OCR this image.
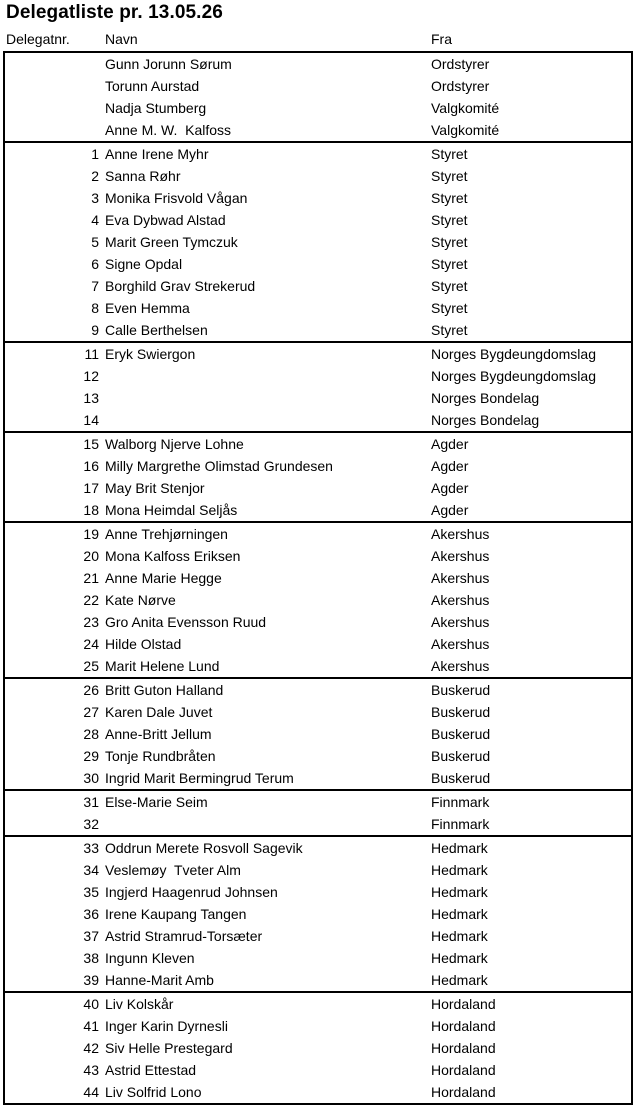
Delegatliste pr. 13.05.26
Delegatnr.	Navn	Fra
Gunn Jorunn Sørum	Ordstyrer
Torunn Aurstad	Ordstyrer
Nadja Stumberg	Valgkomité
Anne M. W.  Kalfoss	Valgkomité
1 Anne Irene Myhr	Styret
2 Sanna Røhr	Styret
3 Monika Frisvold Vågan	Styret
4 Eva Dybwad Alstad	Styret
5 Marit Green Tymczuk	Styret
6 Signe Opdal	Styret
7 Borghild Grav Strekerud	Styret
8 Even Hemma	Styret
9 Calle Berthelsen	Styret
11 Eryk Swiergon	Norges Bygdeungdomslag
12	Norges Bygdeungdomslag
13	Norges Bondelag
14	Norges Bondelag
15 Walborg Njerve Lohne	Agder
16 Milly Margrethe Olimstad Grundesen	Agder
17 May Brit Stenjor	Agder
18 Mona Heimdal Seljås	Agder
19 Anne Trehjørningen	Akershus
20 Mona Kalfoss Eriksen	Akershus
21 Anne Marie Hegge	Akershus
22 Kate Nørve	Akershus
23 Gro Anita Evensson Ruud	Akershus
24 Hilde Olstad	Akershus
25 Marit Helene Lund	Akershus
26 Britt Guton Halland	Buskerud
27 Karen Dale Juvet	Buskerud
28 Anne-Britt Jellum	Buskerud
29 Tonje Rundbråten	Buskerud
30 Ingrid Marit Bermingrud Terum	Buskerud
31 Else-Marie Seim	Finnmark
32	Finnmark
33 Oddrun Merete Rosvoll Sagevik	Hedmark
34 Veslemøy  Tveter Alm	Hedmark
35 Ingjerd Haagenrud Johnsen	Hedmark
36 Irene Kaupang Tangen	Hedmark
37 Astrid Stramrud-Torsæter	Hedmark
38 Ingunn Kleven	Hedmark
39 Hanne-Marit Amb	Hedmark
40 Liv Kolskår	Hordaland
41 Inger Karin Dyrnesli	Hordaland
42 Siv Helle Prestegard	Hordaland
43 Astrid Ettestad	Hordaland
44 Liv Solfrid Lono	Hordaland
